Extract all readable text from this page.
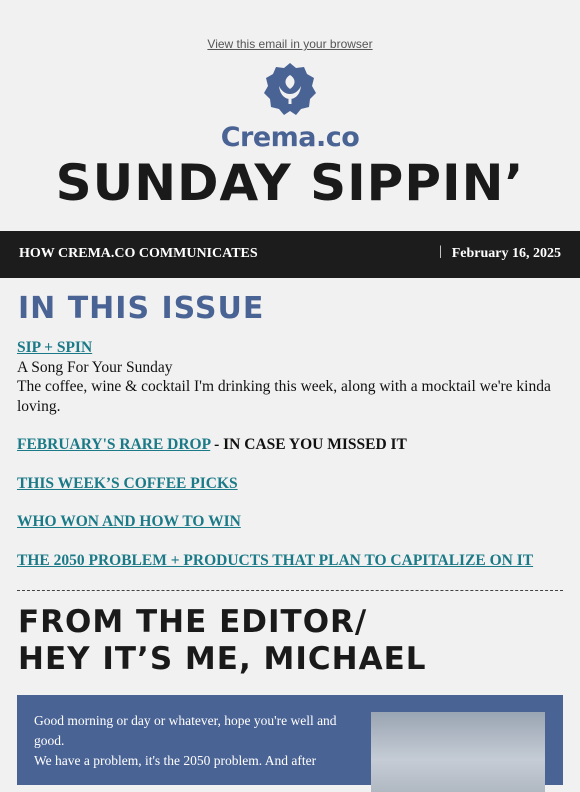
View this email in your browser
Crema.co
SUNDAY SIPPIN’
HOW CREMA.CO COMMUNICATES	| February 16, 2025
IN THIS ISSUE
SIP + SPIN
A Song For Your Sunday
The coffee, wine & cocktail I'm drinking this week, along with a mocktail we're kinda loving.
FEBRUARY'S RARE DROP - IN CASE YOU MISSED IT
THIS WEEK’S COFFEE PICKS
WHO WON AND HOW TO WIN
THE 2050 PROBLEM + PRODUCTS THAT PLAN TO CAPITALIZE ON IT
FROM THE EDITOR/
HEY IT’S ME, MICHAEL
Good morning or day or whatever, hope you're well and good.
We have a problem, it's the 2050 problem. And after
